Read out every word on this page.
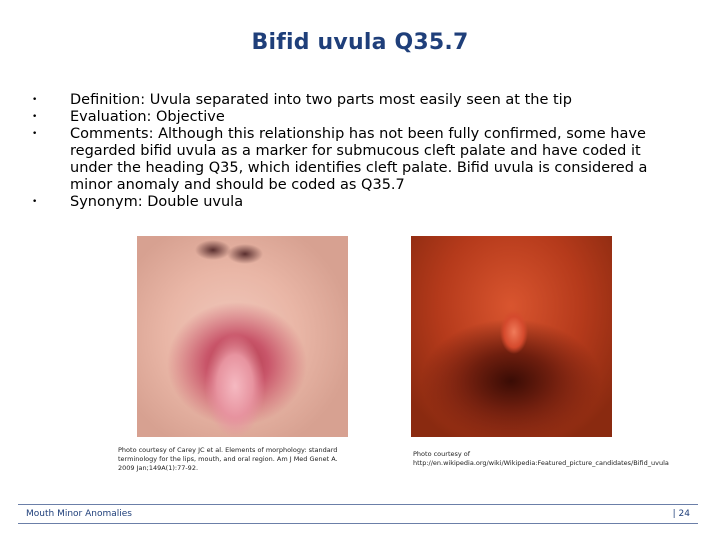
Bifid uvula Q35.7
•	Definition: Uvula separated into two parts most easily seen at the tip
•	Evaluation: Objective
•	Comments: Although this relationship has not been fully confirmed, some have regarded bifid uvula as a marker for submucous cleft palate and have coded it under the heading Q35, which identifies cleft palate. Bifid uvula is considered a minor anomaly and should be coded as Q35.7
•	Synonym: Double uvula
Photo courtesy of Carey JC et al. Elements of morphology: standard terminology for the lips, mouth, and oral region. Am J Med Genet A. 2009 Jan;149A(1):77-92.
Photo courtesy of http://en.wikipedia.org/wiki/Wikipedia:Featured_picture_candidates/Bifid_uvula
Mouth Minor Anomalies	| 24
